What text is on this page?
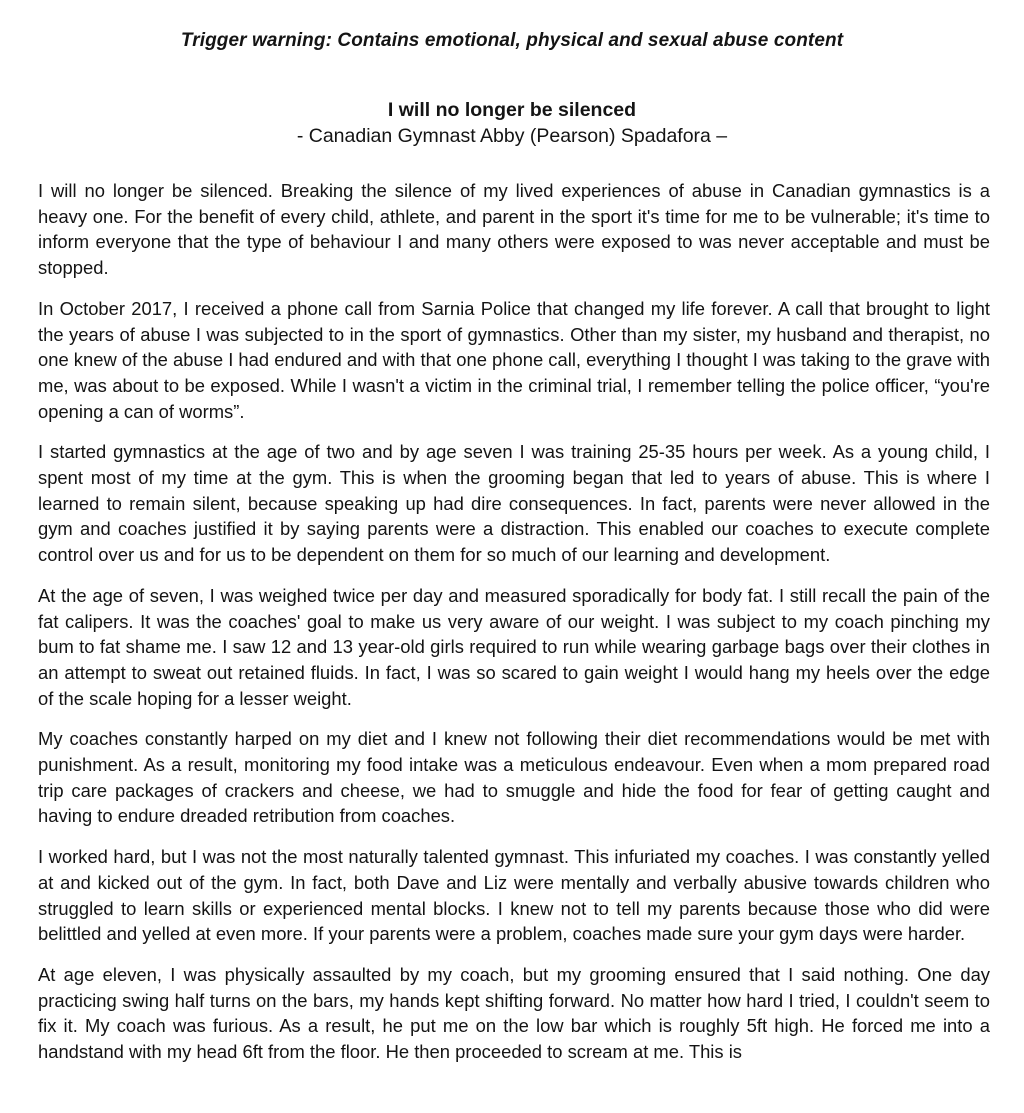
Trigger warning: Contains emotional, physical and sexual abuse content
I will no longer be silenced
- Canadian Gymnast Abby (Pearson) Spadafora –

I will no longer be silenced. Breaking the silence of my lived experiences of abuse in Canadian gymnastics is a heavy one. For the benefit of every child, athlete, and parent in the sport it's time for me to be vulnerable; it's time to inform everyone that the type of behaviour I and many others were exposed to was never acceptable and must be stopped.

In October 2017, I received a phone call from Sarnia Police that changed my life forever. A call that brought to light the years of abuse I was subjected to in the sport of gymnastics. Other than my sister, my husband and therapist, no one knew of the abuse I had endured and with that one phone call, everything I thought I was taking to the grave with me, was about to be exposed. While I wasn't a victim in the criminal trial, I remember telling the police officer, “you're opening a can of worms”.

I started gymnastics at the age of two and by age seven I was training 25-35 hours per week. As a young child, I spent most of my time at the gym. This is when the grooming began that led to years of abuse. This is where I learned to remain silent, because speaking up had dire consequences. In fact, parents were never allowed in the gym and coaches justified it by saying parents were a distraction. This enabled our coaches to execute complete control over us and for us to be dependent on them for so much of our learning and development.

At the age of seven, I was weighed twice per day and measured sporadically for body fat. I still recall the pain of the fat calipers. It was the coaches' goal to make us very aware of our weight. I was subject to my coach pinching my bum to fat shame me. I saw 12 and 13 year-old girls required to run while wearing garbage bags over their clothes in an attempt to sweat out retained fluids. In fact, I was so scared to gain weight I would hang my heels over the edge of the scale hoping for a lesser weight.

My coaches constantly harped on my diet and I knew not following their diet recommendations would be met with punishment. As a result, monitoring my food intake was a meticulous endeavour. Even when a mom prepared road trip care packages of crackers and cheese, we had to smuggle and hide the food for fear of getting caught and having to endure dreaded retribution from coaches.

I worked hard, but I was not the most naturally talented gymnast. This infuriated my coaches. I was constantly yelled at and kicked out of the gym. In fact, both Dave and Liz were mentally and verbally abusive towards children who struggled to learn skills or experienced mental blocks. I knew not to tell my parents because those who did were belittled and yelled at even more. If your parents were a problem, coaches made sure your gym days were harder.

At age eleven, I was physically assaulted by my coach, but my grooming ensured that I said nothing. One day practicing swing half turns on the bars, my hands kept shifting forward. No matter how hard I tried, I couldn't seem to fix it. My coach was furious. As a result, he put me on the low bar which is roughly 5ft high. He forced me into a handstand with my head 6ft from the floor. He then proceeded to scream at me. This is
